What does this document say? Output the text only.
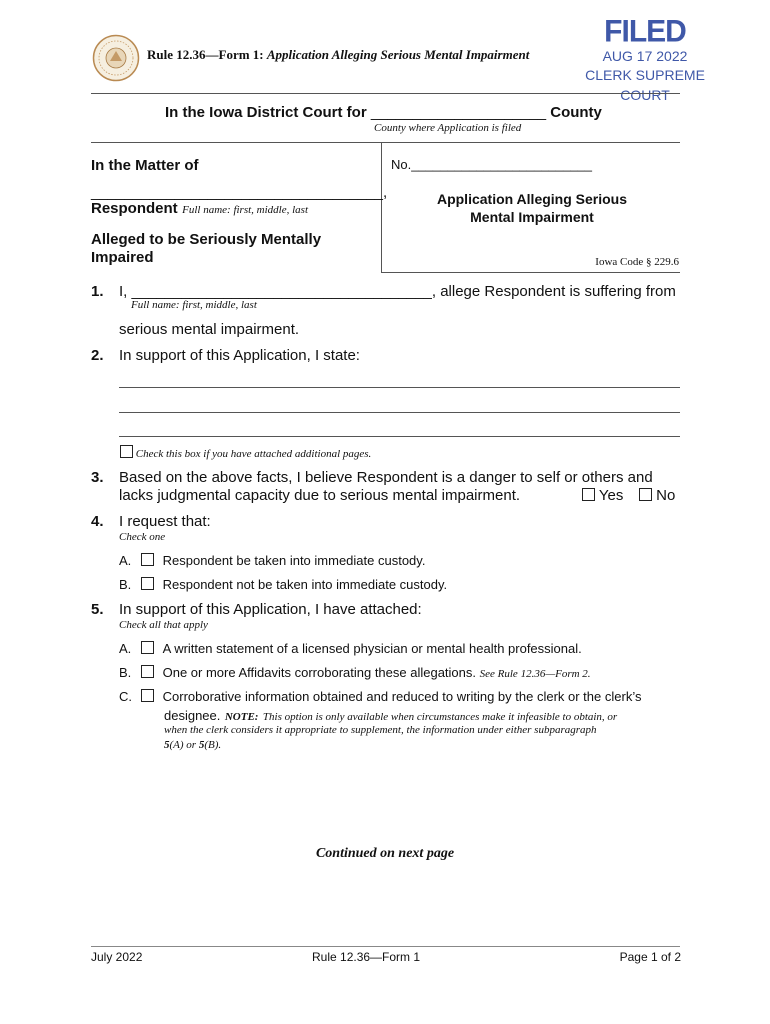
Rule 12.36—Form 1: Application Alleging Serious Mental Impairment
FILED
AUG 17 2022
CLERK SUPREME COURT
In the Iowa District Court for _____________________ County
County where Application is filed
In the Matter of
___________________________________,
Respondent Full name: first, middle, last
Alleged to be Seriously Mentally Impaired
No._________________________
Application Alleging Serious
Mental Impairment
Iowa Code § 229.6
1. I, ____________________________________, allege Respondent is suffering from
Full name: first, middle, last
serious mental impairment.
2. In support of this Application, I state:
Check this box if you have attached additional pages.
3. Based on the above facts, I believe Respondent is a danger to self or others and
lacks judgmental capacity due to serious mental impairment.	Yes	No
4. I request that:
Check one
A. Respondent be taken into immediate custody.
B. Respondent not be taken into immediate custody.
5. In support of this Application, I have attached:
Check all that apply
A. A written statement of a licensed physician or mental health professional.
B. One or more Affidavits corroborating these allegations. See Rule 12.36—Form 2.
C. Corroborative information obtained and reduced to writing by the clerk or the clerk’s
designee. NOTE: This option is only available when circumstances make it infeasible to obtain, or
when the clerk considers it appropriate to supplement, the information under either subparagraph
5(A) or 5(B).
Continued on next page
July 2022	Rule 12.36—Form 1	Page 1 of 2
